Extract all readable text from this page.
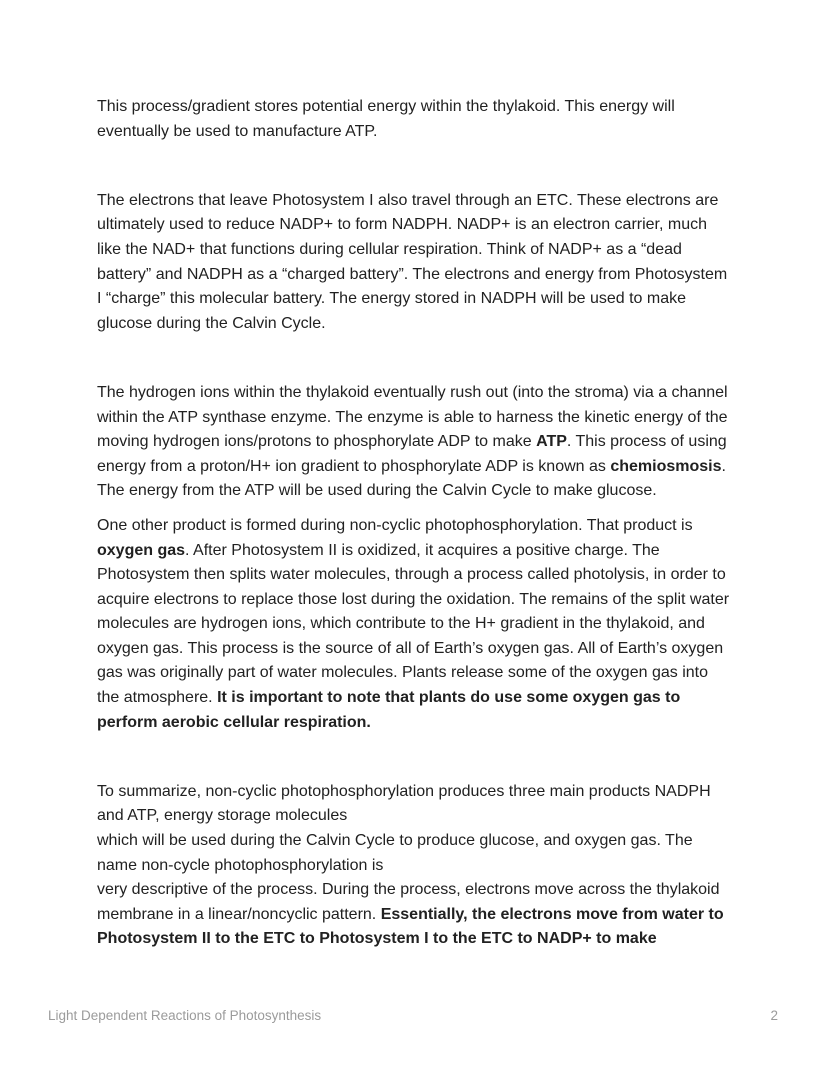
This process/gradient stores potential energy within the thylakoid. This energy will eventually be used to manufacture ATP.

The electrons that leave Photosystem I also travel through an ETC. These electrons are ultimately used to reduce NADP+ to form NADPH. NADP+ is an electron carrier, much like the NAD+ that functions during cellular respiration. Think of NADP+ as a “dead battery” and NADPH as a “charged battery”. The electrons and energy from Photosystem I “charge” this molecular battery. The energy stored in NADPH will be used to make glucose during the Calvin Cycle.

The hydrogen ions within the thylakoid eventually rush out (into the stroma) via a channel within the ATP synthase enzyme. The enzyme is able to harness the kinetic energy of the moving hydrogen ions/protons to phosphorylate ADP to make ATP. This process of using energy from a proton/H+ ion gradient to phosphorylate ADP is known as chemiosmosis. The energy from the ATP will be used during the Calvin Cycle to make glucose.

One other product is formed during non-cyclic photophosphorylation. That product is oxygen gas. After Photosystem II is oxidized, it acquires a positive charge. The Photosystem then splits water molecules, through a process called photolysis, in order to acquire electrons to replace those lost during the oxidation. The remains of the split water molecules are hydrogen ions, which contribute to the H+ gradient in the thylakoid, and oxygen gas. This process is the source of all of Earth’s oxygen gas. All of Earth’s oxygen gas was originally part of water molecules. Plants release some of the oxygen gas into the atmosphere. It is important to note that plants do use some oxygen gas to perform aerobic cellular respiration.

To summarize, non-cyclic photophosphorylation produces three main products NADPH and ATP, energy storage molecules
which will be used during the Calvin Cycle to produce glucose, and oxygen gas. The name non-cycle photophosphorylation is
very descriptive of the process. During the process, electrons move across the thylakoid membrane in a linear/noncyclic pattern. Essentially, the electrons move from water to Photosystem II to the ETC to Photosystem I to the ETC to NADP+ to make

Light Dependent Reactions of Photosynthesis	2
